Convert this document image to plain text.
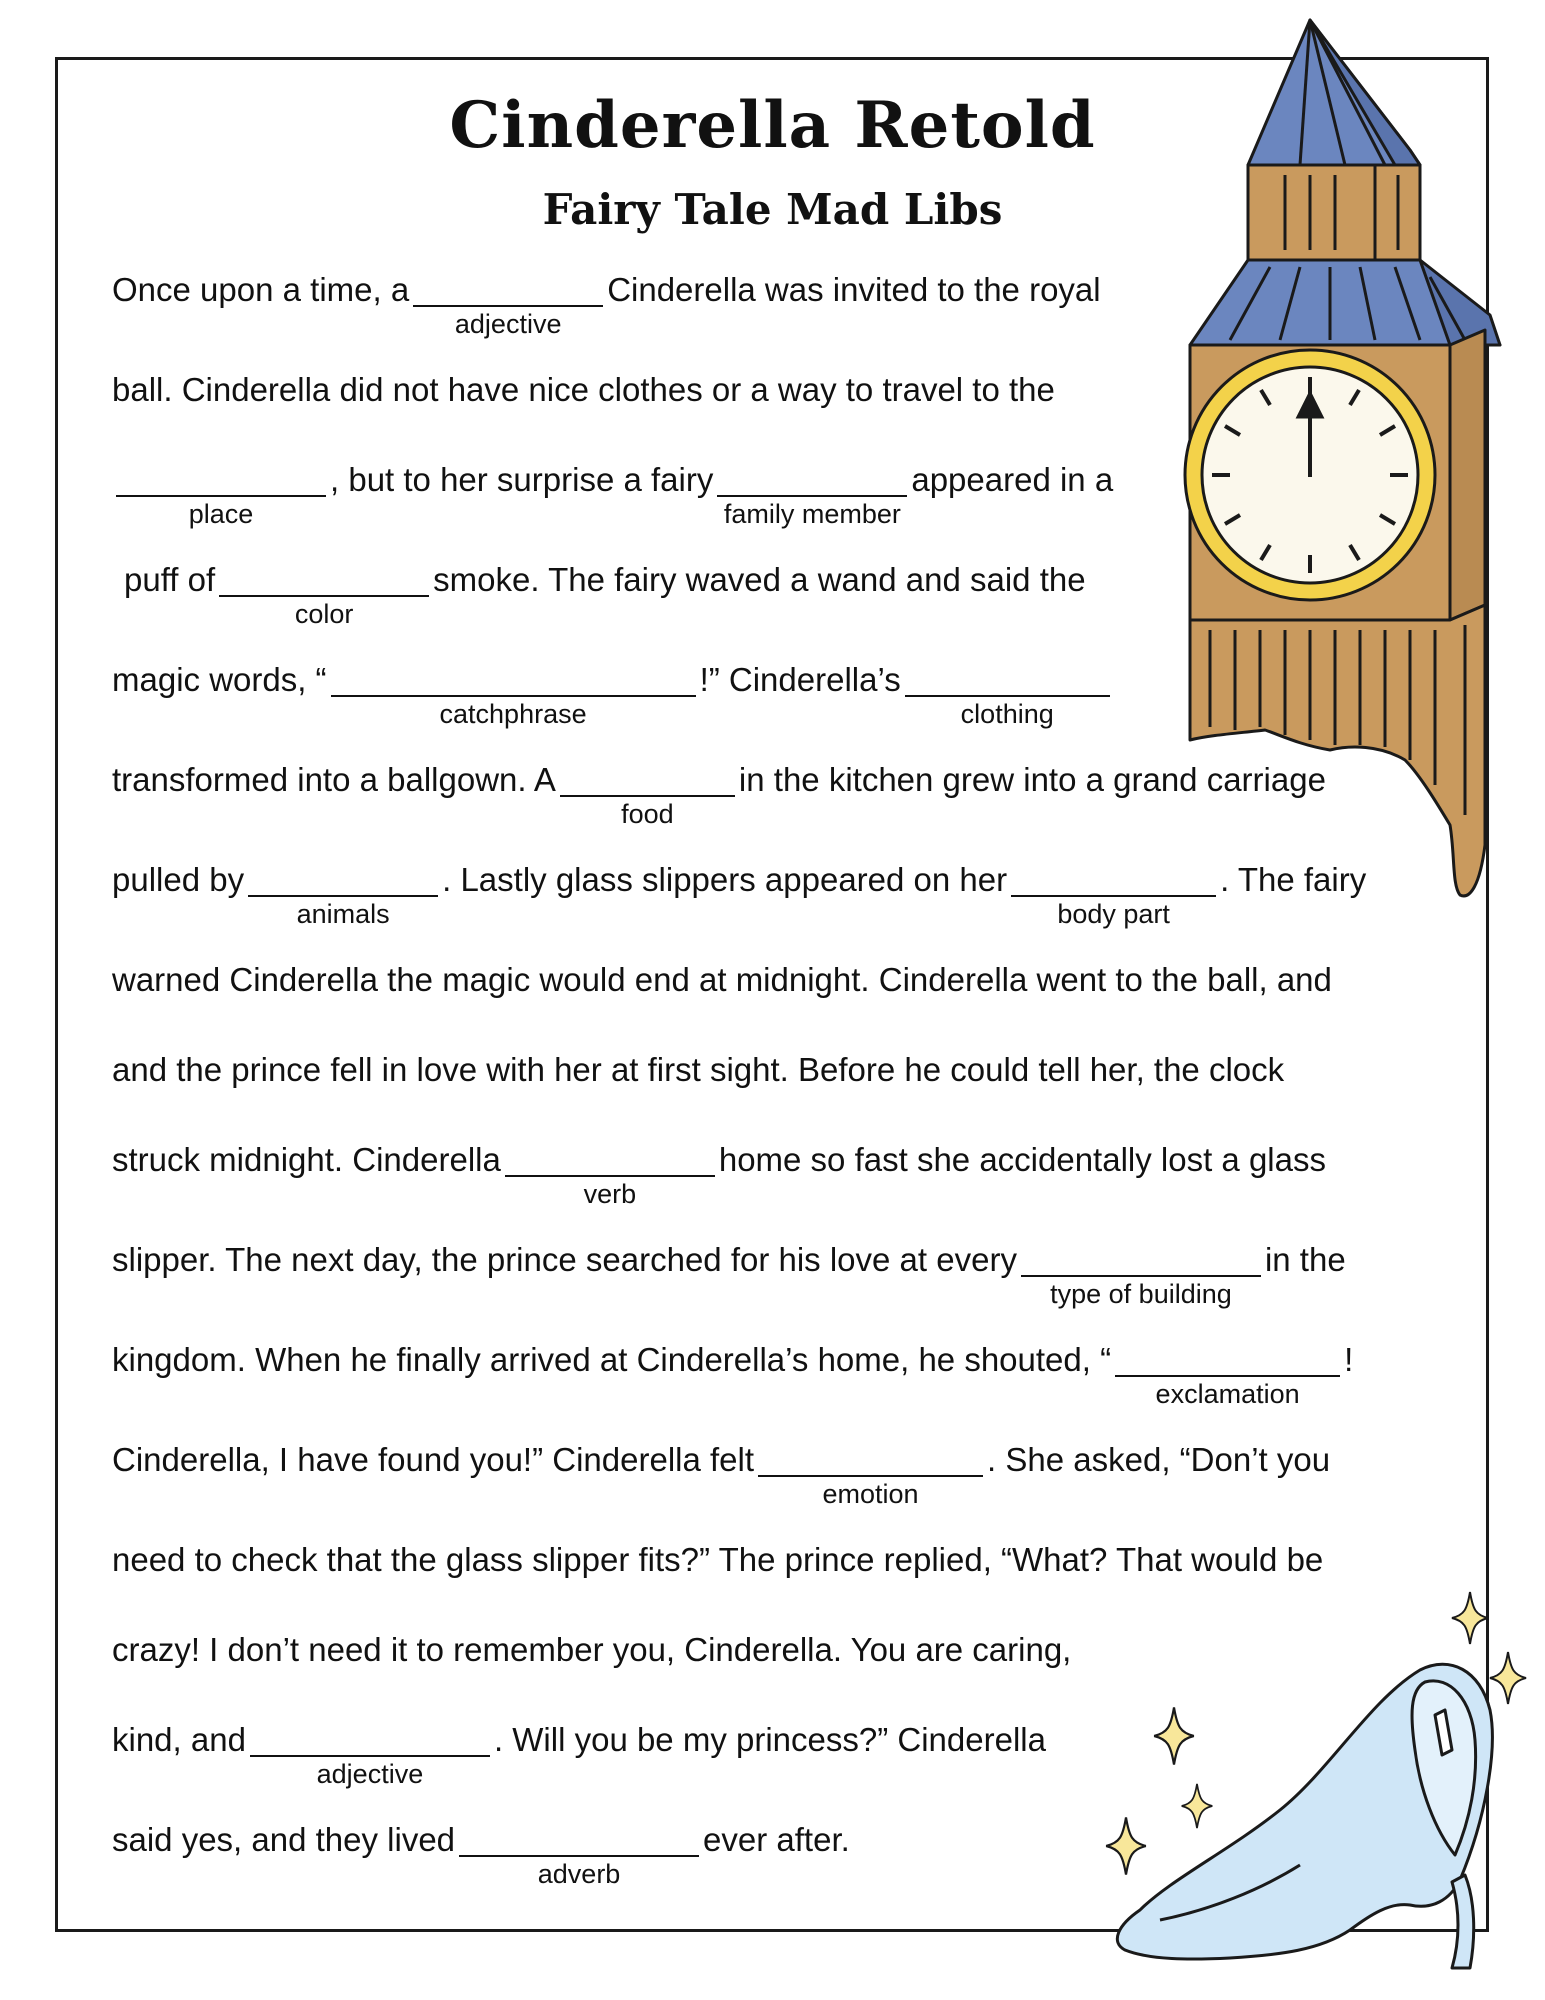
Cinderella Retold
Fairy Tale Mad Libs
Once upon a time, a
adjective
Cinderella was invited to the royal
ball. Cinderella did not have nice clothes or a way to travel to the
place
, but to her surprise a fairy
family member
appeared in a
puff of
color
smoke. The fairy waved a wand and said the
magic words, “
catchphrase
!” Cinderella’s
clothing
transformed into a ballgown. A
food
in the kitchen grew into a grand carriage
pulled by
animals
. Lastly glass slippers appeared on her
body part
. The fairy
warned Cinderella the magic would end at midnight. Cinderella went to the ball, and
and the prince fell in love with her at first sight. Before he could tell her, the clock
struck midnight. Cinderella
verb
home so fast she accidentally lost a glass
slipper. The next day, the prince searched for his love at every
type of building
in the
kingdom. When he finally arrived at Cinderella’s home, he shouted, “
exclamation
!
Cinderella, I have found you!” Cinderella felt
emotion
. She asked, “Don’t you
need to check that the glass slipper fits?” The prince replied, “What? That would be
crazy! I don’t need it to remember you, Cinderella. You are caring,
kind, and
adjective
. Will you be my princess?” Cinderella
said yes, and they lived
adverb
ever after.
